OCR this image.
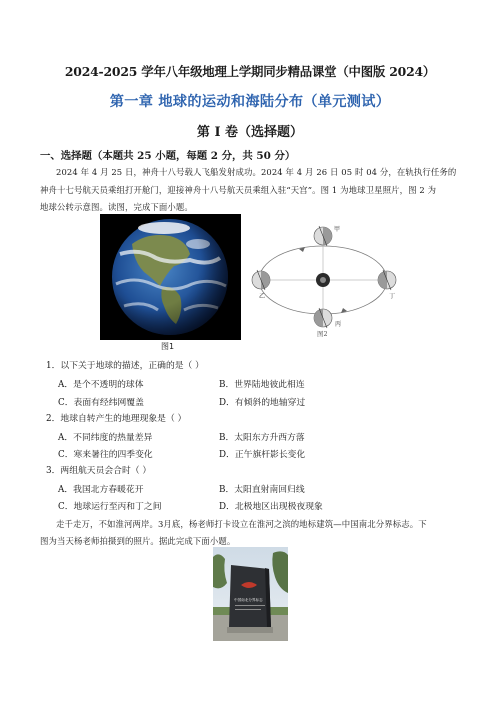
2024-2025 学年八年级地理上学期同步精品课堂（中图版 2024）
第一章 地球的运动和海陆分布（单元测试）
第 I 卷（选择题）
一、选择题（本题共 25 小题，每题 2 分，共 50 分）
2024 年 4 月 25 日，神舟十八号载人飞船发射成功。2024 年 4 月 26 日 05 时 04 分，在轨执行任务的
神舟十七号航天员乘组打开舱门，迎接神舟十八号航天员乘组入驻“天宫”。图 1 为地球卫星照片，图 2 为
地球公转示意图。读图，完成下面小题。
图1
甲
乙
丙
丁
图2
1．以下关于地球的描述，正确的是（ ）
A．是个不透明的球体	B．世界陆地彼此相连
C．表面有经纬网覆盖	D．有倾斜的地轴穿过
2．地球自转产生的地理现象是（ ）
A．不同纬度的热量差异	B．太阳东方升西方落
C．寒来暑往的四季变化	D．正午旗杆影长变化
3．两组航天员会合时（ ）
A．我国北方春暖花开	B．太阳直射南回归线
C．地球运行至丙和丁之间	D．北极地区出现极夜现象
走千走万，不如淮河两岸。3月底，杨老师打卡设立在淮河之滨的地标建筑—中国南北分界标志。下
图为当天杨老师拍摄到的照片。据此完成下面小题。
中国南北分界标志
